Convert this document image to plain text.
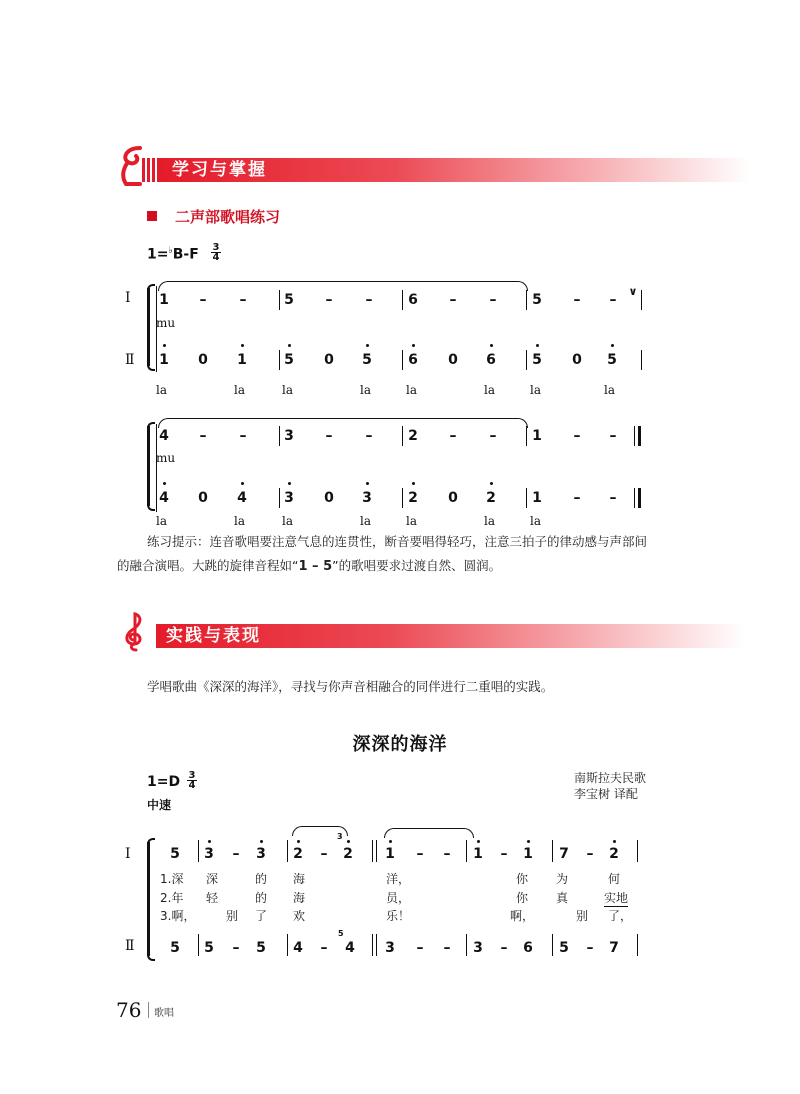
学习与掌握
二声部歌唱练习
1=♭B-F 3
4
Ⅰ
Ⅱ
1 – –	5 – –	6 – –	5 – –
∨
mu
1 0 1	5 0 5	6 0 6	5 0 5
la	la	la	la	la	la	la	la
4 – –	3 – –	2 – –	1 – –
mu
4 0 4	3 0 3	2 0 2	1 – –
la	la	la	la	la	la	la
练习提示：连音歌唱要注意气息的连贯性，断音要唱得轻巧，注意三拍子的律动感与声部间
的融合演唱。大跳的旋律音程如“1 – 5”的歌唱要求过渡自然、圆润。
实践与表现
学唱歌曲《深深的海洋》，寻找与你声音相融合的同伴进行二重唱的实践。
深深的海洋
1=D 3
4
中速
南斯拉夫民歌
李宝树 译配
Ⅰ
Ⅱ
5 3 – 3 2 –
3
2 1 – – 1 – 1 7 – 2
1.深 深	的 海	洋，	你 为	何
2.年 轻	的 海	员，	你 真	实地
3.啊，	别 了 欢	乐！	啊，	别 了，
5 5 – 5 4 –
5
4 3 – – 3 – 6 5 – 7
76 歌唱
